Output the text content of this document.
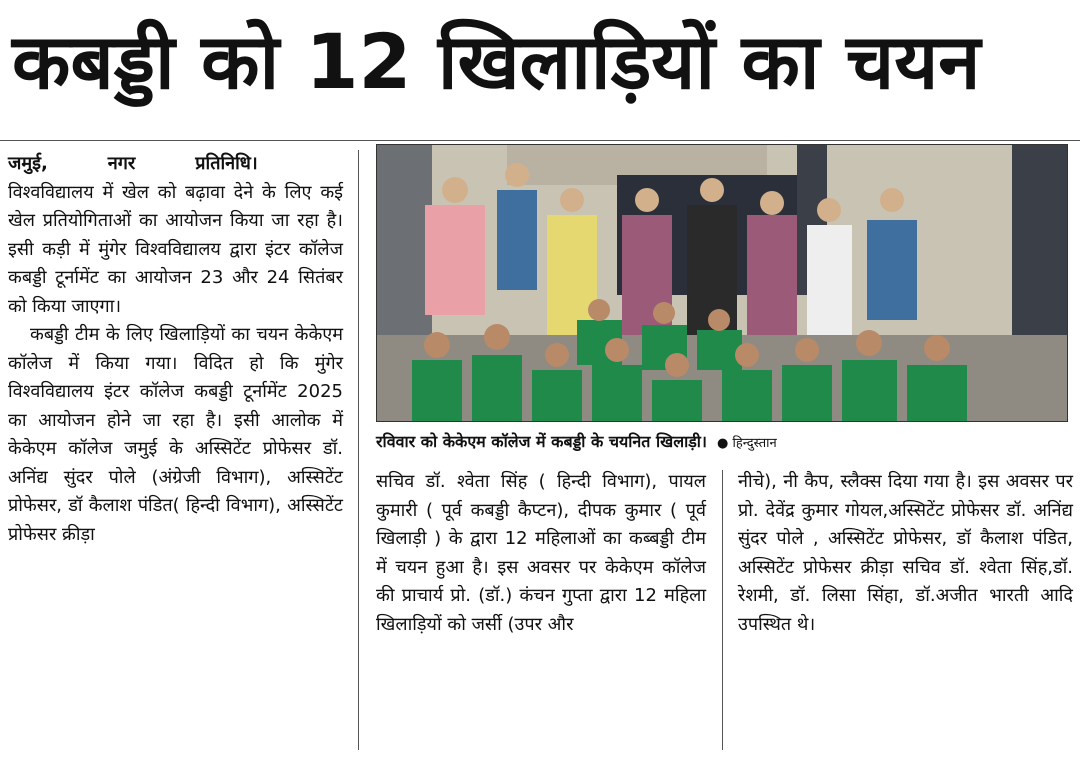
कबड्डी को 12 खिलाड़ियों का चयन

जमुई,	नगर	प्रतिनिधि।

विश्वविद्यालय में खेल को बढ़ावा देने के लिए कई खेल प्रतियोगिताओं का आयोजन किया जा रहा है। इसी कड़ी में मुंगेर विश्वविद्यालय द्वारा इंटर कॉलेज कबड्डी टूर्नामेंट का आयोजन 23 और 24 सितंबर को किया जाएगा।

कबड्डी टीम के लिए खिलाड़ियों का चयन केकेएम कॉलेज में किया गया। विदित हो कि मुंगेर विश्वविद्यालय इंटर कॉलेज कबड्डी टूर्नामेंट 2025 का आयोजन होने जा रहा है। इसी आलोक में केकेएम कॉलेज जमुई के अस्सिटेंट प्रोफेसर डॉ. अनिंद्य सुंदर पोले (अंग्रेजी विभाग), अस्सिटेंट प्रोफेसर, डॉ कैलाश पंडित( हिन्दी विभाग), अस्सिटेंट प्रोफेसर क्रीड़ा

रविवार को केकेएम कॉलेज में कबड्डी के चयनित खिलाड़ी। ● हिन्दुस्तान

सचिव डॉ. श्वेता सिंह ( हिन्दी विभाग), पायल कुमारी ( पूर्व कबड्डी कैप्टन), दीपक कुमार ( पूर्व खिलाड़ी ) के द्वारा 12 महिलाओं का कब्बड्डी टीम में चयन हुआ है। इस अवसर पर केकेएम कॉलेज की प्राचार्य प्रो. (डॉ.) कंचन गुप्ता द्वारा 12 महिला खिलाड़ियों को जर्सी (उपर और

नीचे), नी कैप, स्लैक्स दिया गया है। इस अवसर पर प्रो. देवेंद्र कुमार गोयल,अस्सिटेंट प्रोफेसर डॉ. अनिंद्य सुंदर पोले , अस्सिटेंट प्रोफेसर, डॉ कैलाश पंडित, अस्सिटेंट प्रोफेसर क्रीड़ा सचिव डॉ. श्वेता सिंह,डॉ. रेशमी, डॉ. लिसा सिंहा, डॉ.अजीत भारती आदि उपस्थित थे।
